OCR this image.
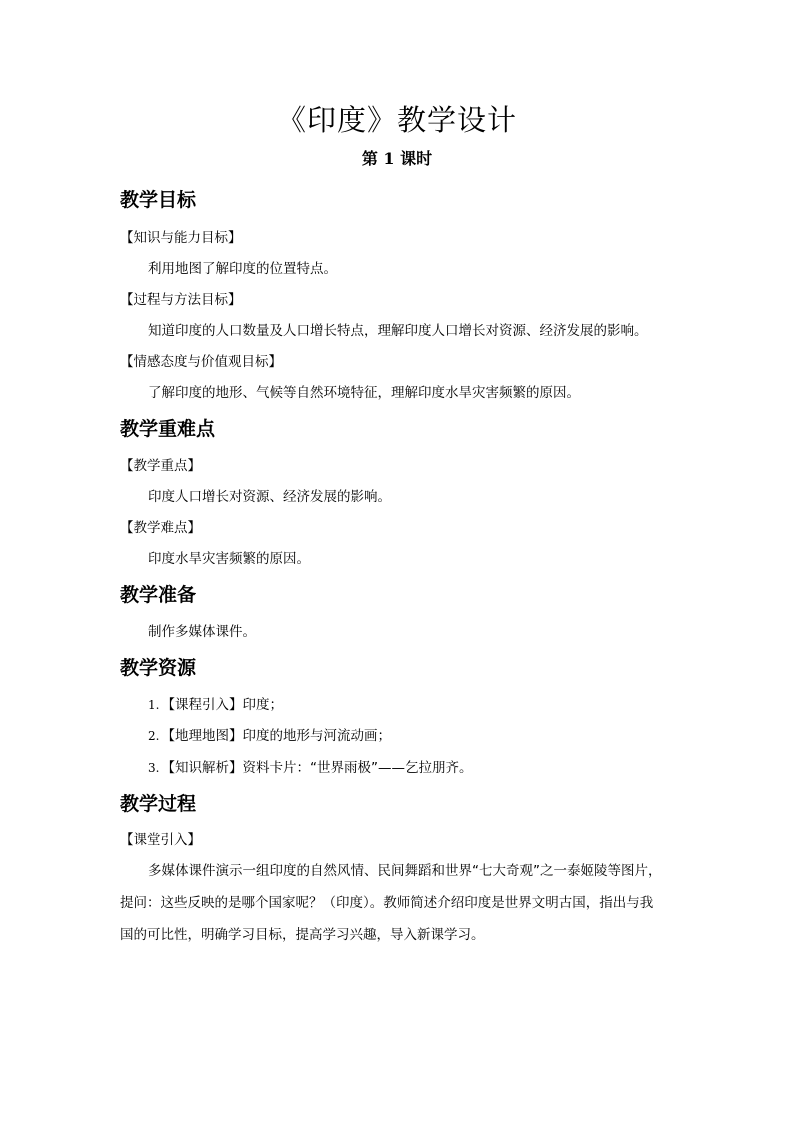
《印度》教学设计
第 1 课时
教学目标
【知识与能力目标】
利用地图了解印度的位置特点。
【过程与方法目标】
知道印度的人口数量及人口增长特点，理解印度人口增长对资源、经济发展的影响。
【情感态度与价值观目标】
了解印度的地形、气候等自然环境特征，理解印度水旱灾害频繁的原因。
教学重难点
【教学重点】
印度人口增长对资源、经济发展的影响。
【教学难点】
印度水旱灾害频繁的原因。
教学准备
制作多媒体课件。
教学资源
1. 【课程引入】印度；
2. 【地理地图】印度的地形与河流动画；
3. 【知识解析】资料卡片：“世界雨极”——乞拉朋齐。
教学过程
【课堂引入】
多媒体课件演示一组印度的自然风情、民间舞蹈和世界“七大奇观”之一泰姬陵等图片，
提问：这些反映的是哪个国家呢？（印度）。教师简述介绍印度是世界文明古国，指出与我
国的可比性，明确学习目标，提高学习兴趣，导入新课学习。
